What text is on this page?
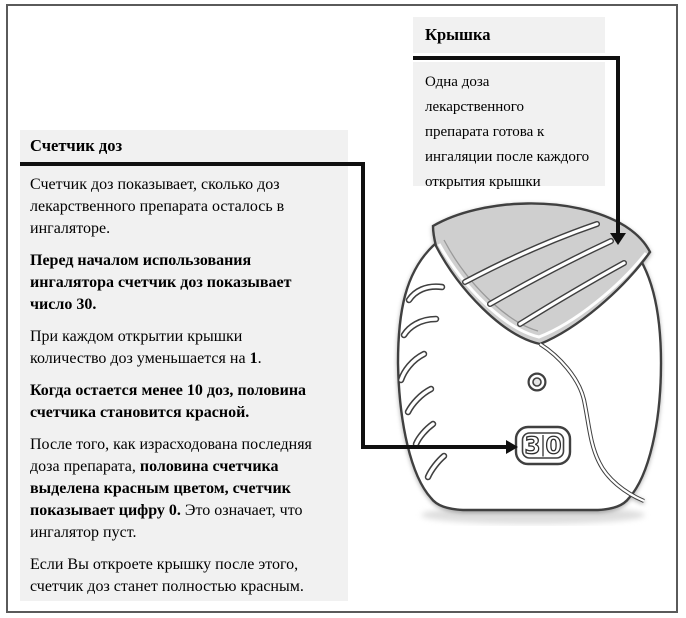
Счетчик доз
Счетчик доз показывает, сколько доз
лекарственного препарата осталось в
ингаляторе.
Перед началом использования
ингалятора счетчик доз показывает
число 30.
При каждом открытии крышки
количество доз уменьшается на 1.
Когда остается менее 10 доз, половина
счетчика становится красной.
После того, как израсходована последняя
доза препарата, половина счетчика
выделена красным цветом, счетчик
показывает цифру 0. Это означает, что
ингалятор пуст.
Если Вы откроете крышку после этого,
счетчик доз станет полностью красным.
Крышка
Одна доза
лекарственного
препарата готова к
ингаляции после каждого
открытия крышки
3 0
